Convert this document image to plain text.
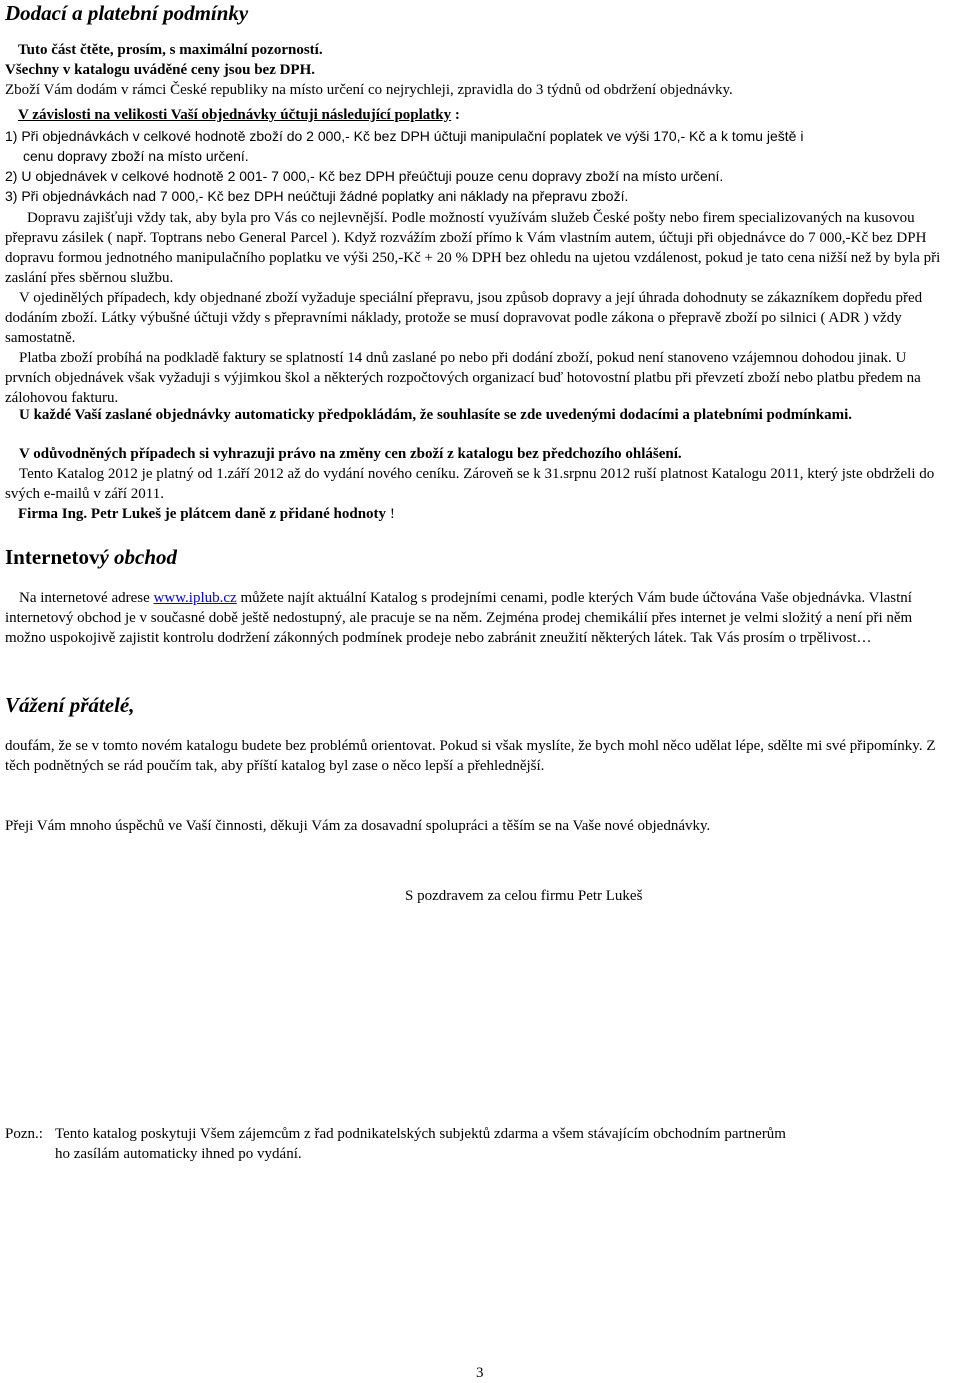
Dodací a platební podmínky
Tuto část čtěte, prosím, s maximální pozorností.
Všechny v katalogu uváděné ceny jsou bez DPH.
Zboží Vám dodám v rámci České republiky na místo určení co nejrychleji, zpravidla do 3 týdnů od obdržení objednávky.
V závislosti na velikosti Vaší objednávky účtuji následující poplatky :
1) Při objednávkách v celkové hodnotě zboží do 2 000,- Kč bez DPH účtuji manipulační poplatek ve výši 170,- Kč a k tomu ještě i
cenu dopravy zboží na místo určení.
2) U objednávek v celkové hodnotě 2 001- 7 000,- Kč bez DPH přeúčtuji pouze cenu dopravy zboží na místo určení.
3) Při objednávkách nad 7 000,- Kč bez DPH neúčtuji žádné poplatky ani náklady na přepravu zboží.
Dopravu zajišťuji vždy tak, aby byla pro Vás co nejlevnější. Podle možností využívám služeb České pošty nebo firem specializovaných na kusovou přepravu zásilek ( např. Toptrans nebo General Parcel ). Když rozvážím zboží přímo k Vám vlastním autem, účtuji při objednávce do 7 000,-Kč bez DPH dopravu formou jednotného manipulačního poplatku ve výši 250,-Kč + 20 % DPH bez ohledu na ujetou vzdálenost, pokud je tato cena nižší než by byla při zaslání přes sběrnou službu.
V ojedinělých případech, kdy objednané zboží vyžaduje speciální přepravu, jsou způsob dopravy a její úhrada dohodnuty se zákazníkem dopředu před dodáním zboží. Látky výbušné účtuji vždy s přepravními náklady, protože se musí dopravovat podle zákona o přepravě zboží po silnici ( ADR ) vždy samostatně.
Platba zboží probíhá na podkladě faktury se splatností 14 dnů zaslané po nebo při dodání zboží, pokud není stanoveno vzájemnou dohodou jinak. U prvních objednávek však vyžaduji s výjimkou škol a některých rozpočtových organizací buď hotovostní platbu při převzetí zboží nebo platbu předem na zálohovou fakturu.
U každé Vaší zaslané objednávky automaticky předpokládám, že souhlasíte se zde uvedenými dodacími a platebními podmínkami.
V odůvodněných případech si vyhrazuji právo na změny cen zboží z katalogu bez předchozího ohlášení.
Tento Katalog 2012 je platný od 1.září 2012 až do vydání nového ceníku. Zároveň se k 31.srpnu 2012 ruší platnost Katalogu 2011, který jste obdrželi do svých e-mailů v září 2011.
Firma Ing. Petr Lukeš je plátcem daně z přidané hodnoty !
Internetový obchod
Na internetové adrese www.iplub.cz můžete najít aktuální Katalog s prodejními cenami, podle kterých Vám bude účtována Vaše objednávka. Vlastní internetový obchod je v současné době ještě nedostupný, ale pracuje se na něm. Zejména prodej chemikálií přes internet je velmi složitý a není při něm možno uspokojivě zajistit kontrolu dodržení zákonných podmínek prodeje nebo zabránit zneužití některých látek. Tak Vás prosím o trpělivost…
Vážení přátelé,
doufám, že se v tomto novém katalogu budete bez problémů orientovat. Pokud si však myslíte, že bych mohl něco udělat lépe, sdělte mi své připomínky. Z těch podnětných se rád poučím tak, aby příští katalog byl zase o něco lepší a přehlednější.
Přeji Vám mnoho úspěchů ve Vaší činnosti, děkuji Vám za dosavadní spolupráci a těším se na Vaše nové objednávky.
S pozdravem za celou firmu Petr Lukeš
Pozn.: Tento katalog poskytuji Všem zájemcům z řad podnikatelských subjektů zdarma a všem stávajícím obchodním partnerům
ho zasílám automaticky ihned po vydání.
3
